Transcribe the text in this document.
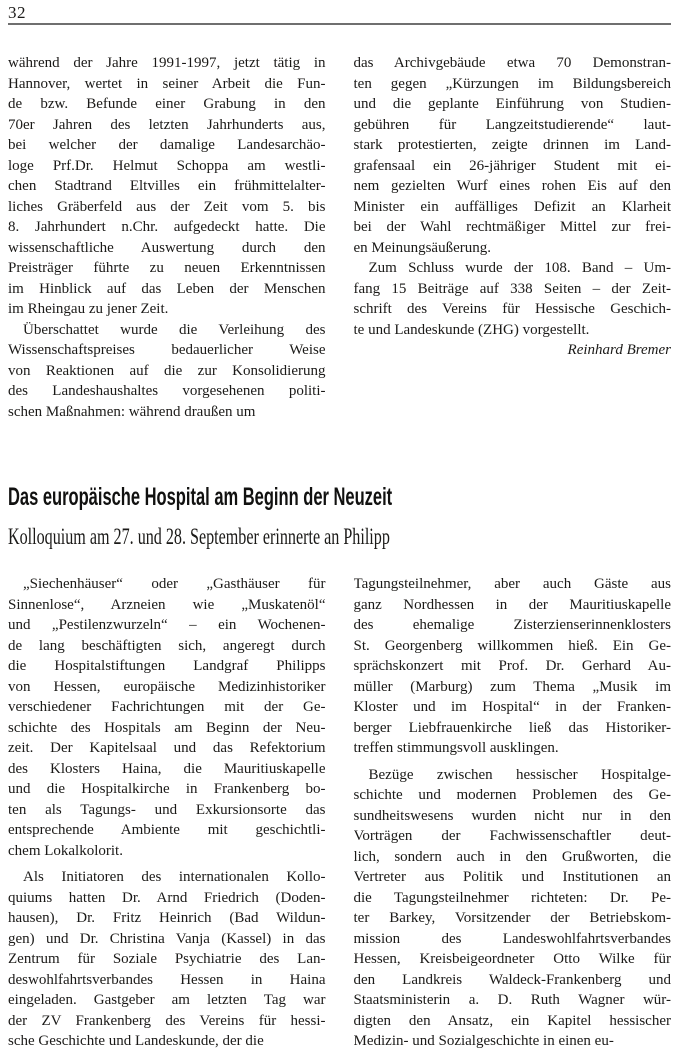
32
während der Jahre 1991-1997, jetzt tätig in
Hannover, wertet in seiner Arbeit die Fun-
de bzw. Befunde einer Grabung in den
70er Jahren des letzten Jahrhunderts aus,
bei welcher der damalige Landesarchäo-
loge Prf.Dr. Helmut Schoppa am westli-
chen Stadtrand Eltvilles ein frühmittelalter-
liches Gräberfeld aus der Zeit vom 5. bis
8. Jahrhundert n.Chr. aufgedeckt hatte. Die
wissenschaftliche Auswertung durch den
Preisträger führte zu neuen Erkenntnissen
im Hinblick auf das Leben der Menschen
im Rheingau zu jener Zeit.
Überschattet wurde die Verleihung des
Wissenschaftspreises bedauerlicher Weise
von Reaktionen auf die zur Konsolidierung
des Landeshaushaltes vorgesehenen politi-
schen Maßnahmen: während draußen um
das Archivgebäude etwa 70 Demonstran-
ten gegen „Kürzungen im Bildungsbereich
und die geplante Einführung von Studien-
gebühren für Langzeitstudierende“ laut-
stark protestierten, zeigte drinnen im Land-
grafensaal ein 26-jähriger Student mit ei-
nem gezielten Wurf eines rohen Eis auf den
Minister ein auffälliges Defizit an Klarheit
bei der Wahl rechtmäßiger Mittel zur frei-
en Meinungsäußerung.
Zum Schluss wurde der 108. Band – Um-
fang 15 Beiträge auf 338 Seiten – der Zeit-
schrift des Vereins für Hessische Geschich-
te und Landeskunde (ZHG) vorgestellt.
Reinhard Bremer
Das europäische Hospital am Beginn der Neuzeit
Kolloquium am 27. und 28. September erinnerte an Philipp
„Siechenhäuser“ oder „Gasthäuser für
Sinnenlose“, Arzneien wie „Muskatenöl“
und „Pestilenzwurzeln“ – ein Wochenen-
de lang beschäftigten sich, angeregt durch
die Hospitalstiftungen Landgraf Philipps
von Hessen, europäische Medizinhistoriker
verschiedener Fachrichtungen mit der Ge-
schichte des Hospitals am Beginn der Neu-
zeit. Der Kapitelsaal und das Refektorium
des Klosters Haina, die Mauritiuskapelle
und die Hospitalkirche in Frankenberg bo-
ten als Tagungs- und Exkursionsorte das
entsprechende Ambiente mit geschichtli-
chem Lokalkolorit.
Als Initiatoren des internationalen Kollo-
quiums hatten Dr. Arnd Friedrich (Doden-
hausen), Dr. Fritz Heinrich (Bad Wildun-
gen) und Dr. Christina Vanja (Kassel) in das
Zentrum für Soziale Psychiatrie des Lan-
deswohlfahrtsverbandes Hessen in Haina
eingeladen. Gastgeber am letzten Tag war
der ZV Frankenberg des Vereins für hessi-
sche Geschichte und Landeskunde, der die
Tagungsteilnehmer, aber auch Gäste aus
ganz Nordhessen in der Mauritiuskapelle
des ehemalige Zisterzienserinnenklosters
St. Georgenberg willkommen hieß. Ein Ge-
sprächskonzert mit Prof. Dr. Gerhard Au-
müller (Marburg) zum Thema „Musik im
Kloster und im Hospital“ in der Franken-
berger Liebfrauenkirche ließ das Historiker-
treffen stimmungsvoll ausklingen.
Bezüge zwischen hessischer Hospitalge-
schichte und modernen Problemen des Ge-
sundheitswesens wurden nicht nur in den
Vorträgen der Fachwissenschaftler deut-
lich, sondern auch in den Grußworten, die
Vertreter aus Politik und Institutionen an
die Tagungsteilnehmer richteten: Dr. Pe-
ter Barkey, Vorsitzender der Betriebskom-
mission des Landeswohlfahrtsverbandes
Hessen, Kreisbeigeordneter Otto Wilke für
den Landkreis Waldeck-Frankenberg und
Staatsministerin a. D. Ruth Wagner wür-
digten den Ansatz, ein Kapitel hessischer
Medizin- und Sozialgeschichte in einen eu-
